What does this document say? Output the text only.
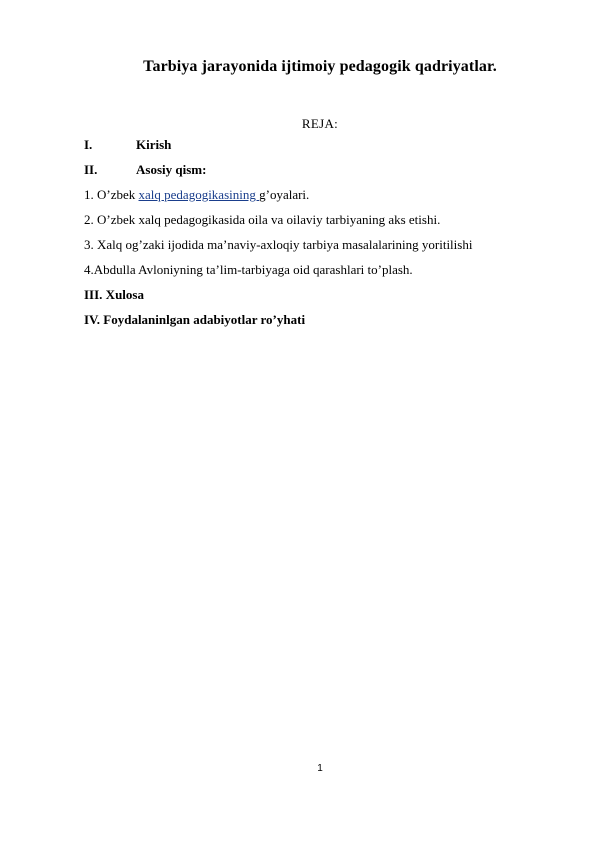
Tarbiya jarayonida ijtimoiy pedagogik qadriyatlar.
REJA:
I.	Kirish
II.	Asosiy qism:
1. O’zbek xalq pedagogikasining g’oyalari.
2. O’zbek xalq pedagogikasida oila va oilaviy tarbiyaning aks etishi.
3. Xalq og’zaki ijodida ma’naviy-axloqiy tarbiya masalalarining yoritilishi
4.Abdulla Avloniyning ta’lim-tarbiyaga oid qarashlari to’plash.
III. Xulosa
IV. Foydalaninlgan adabiyotlar ro’yhati
1
